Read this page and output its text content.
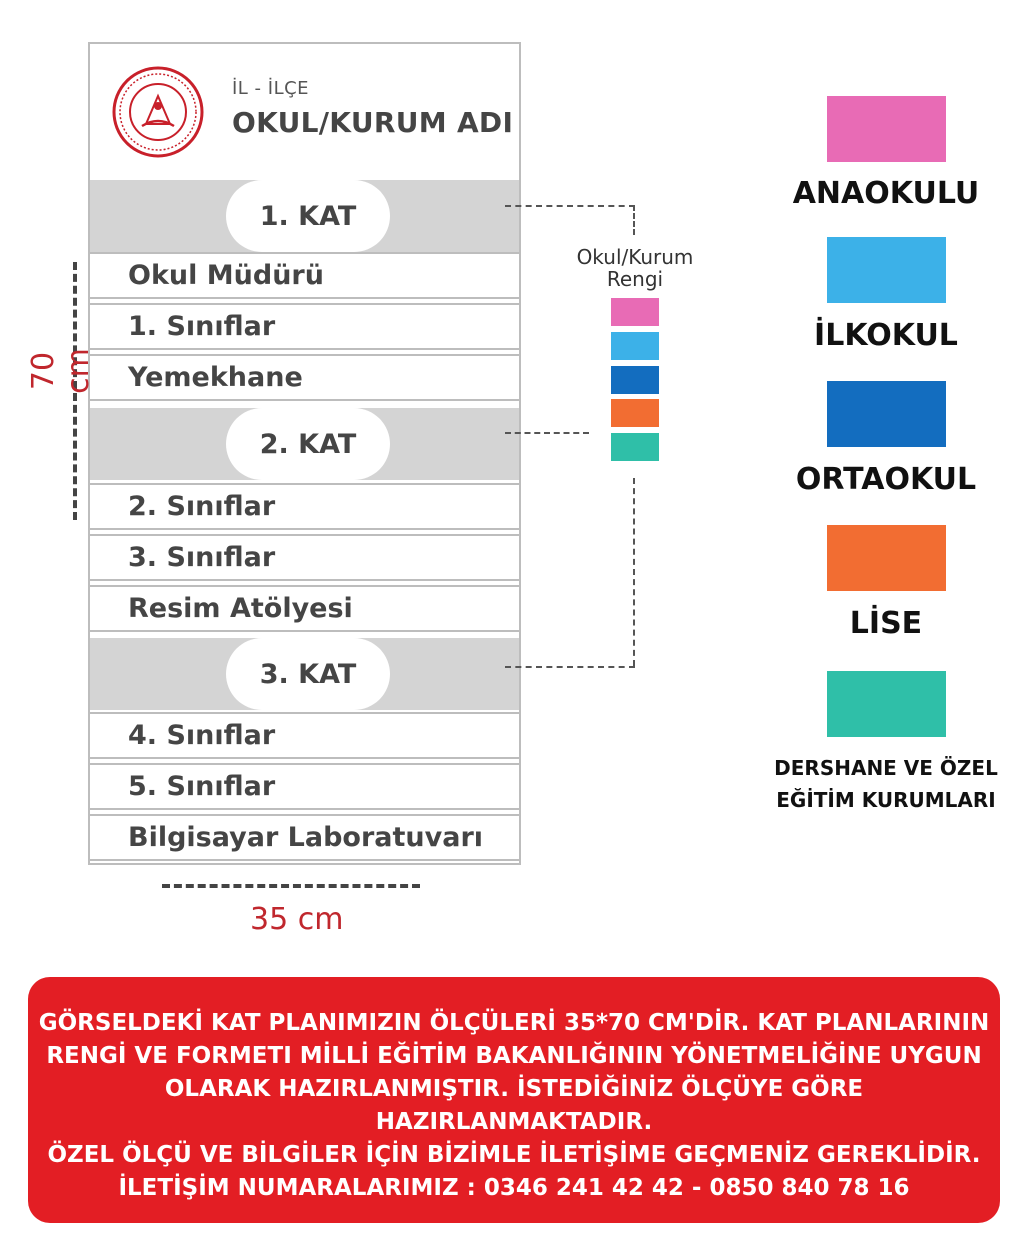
İL - İLÇE
OKUL/KURUM ADI
1. KAT
Okul Müdürü
1. Sınıflar
Yemekhane
2. KAT
2. Sınıflar
3. Sınıflar
Resim Atölyesi
3. KAT
4. Sınıflar
5. Sınıflar
Bilgisayar Laboratuvarı
70 cm
35 cm
Okul/Kurum
Rengi
ANAOKULU
İLKOKUL
ORTAOKUL
LİSE
DERSHANE VE ÖZEL
EĞİTİM KURUMLARI
GÖRSELDEKİ KAT PLANIMIZIN ÖLÇÜLERİ 35*70 CM'DİR. KAT PLANLARININ
RENGİ VE FORMETI MİLLİ EĞİTİM BAKANLIĞININ YÖNETMELİĞİNE UYGUN
OLARAK HAZIRLANMIŞTIR. İSTEDİĞİNİZ ÖLÇÜYE GÖRE HAZIRLANMAKTADIR.
ÖZEL ÖLÇÜ VE BİLGİLER İÇİN BİZİMLE İLETİŞİME GEÇMENİZ GEREKLİDİR.
İLETİŞİM NUMARALARIMIZ : 0346 241 42 42 - 0850 840 78 16
